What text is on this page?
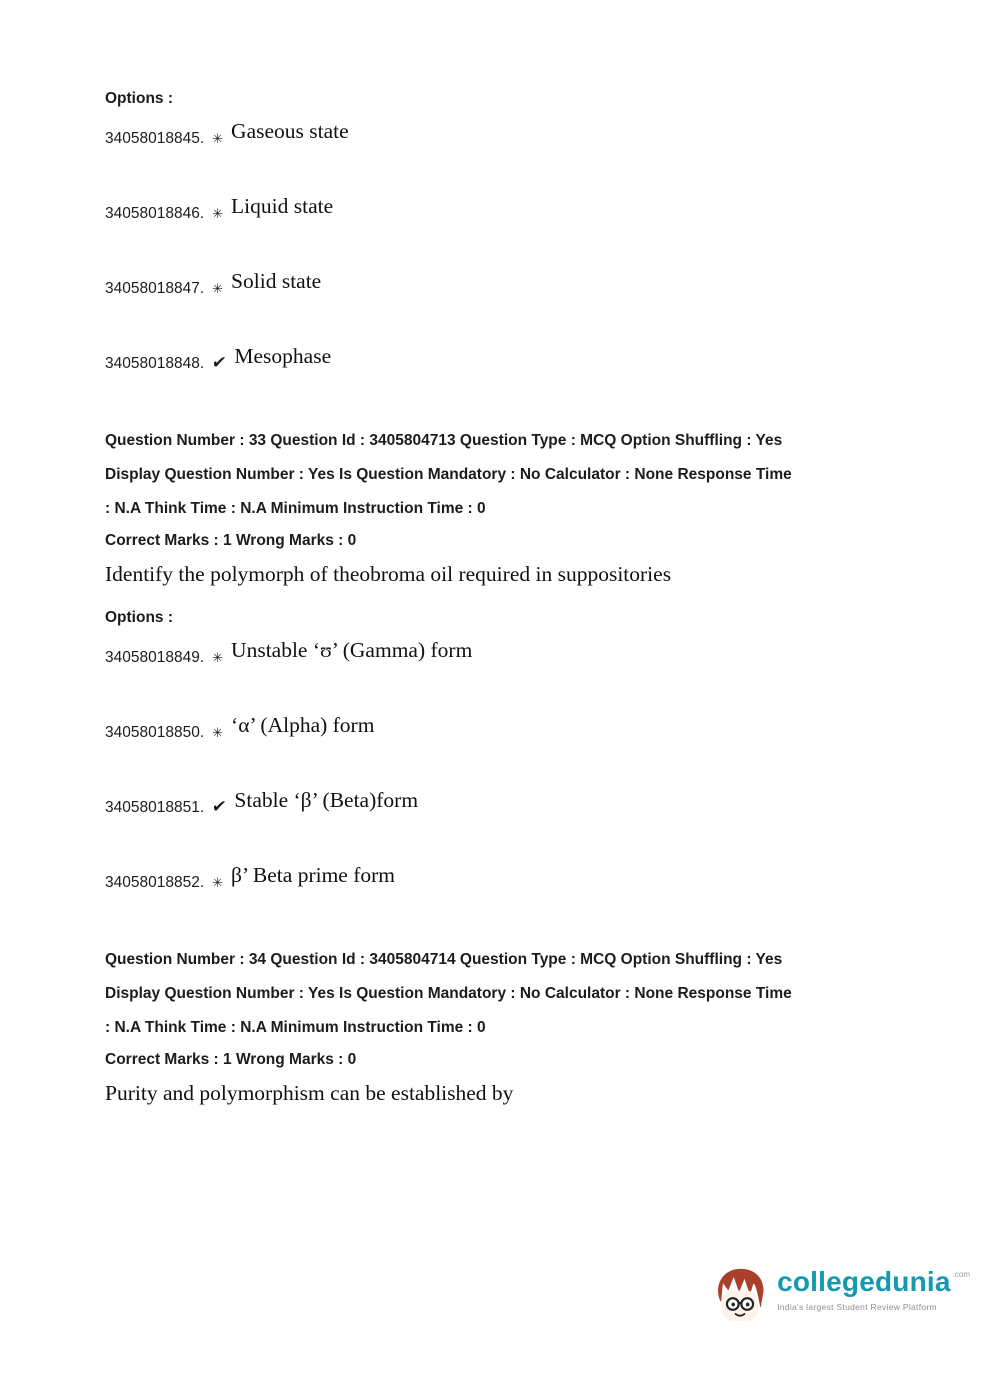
Options :
34058018845. ✳ Gaseous state
34058018846. ✳ Liquid state
34058018847. ✳ Solid state
34058018848. ✔ Mesophase
Question Number : 33 Question Id : 3405804713 Question Type : MCQ Option Shuffling : Yes
Display Question Number : Yes Is Question Mandatory : No Calculator : None Response Time
: N.A Think Time : N.A Minimum Instruction Time : 0
Correct Marks : 1 Wrong Marks : 0
Identify the polymorph of theobroma oil required in suppositories
Options :
34058018849. ✳ Unstable ‘ʊ’ (Gamma) form
34058018850. ✳ ‘α’ (Alpha) form
34058018851. ✔ Stable ‘β’ (Beta)form
34058018852. ✳ β’ Beta prime form
Question Number : 34 Question Id : 3405804714 Question Type : MCQ Option Shuffling : Yes
Display Question Number : Yes Is Question Mandatory : No Calculator : None Response Time
: N.A Think Time : N.A Minimum Instruction Time : 0
Correct Marks : 1 Wrong Marks : 0
Purity and polymorphism can be established by
collegedunia .com
India's largest Student Review Platform
